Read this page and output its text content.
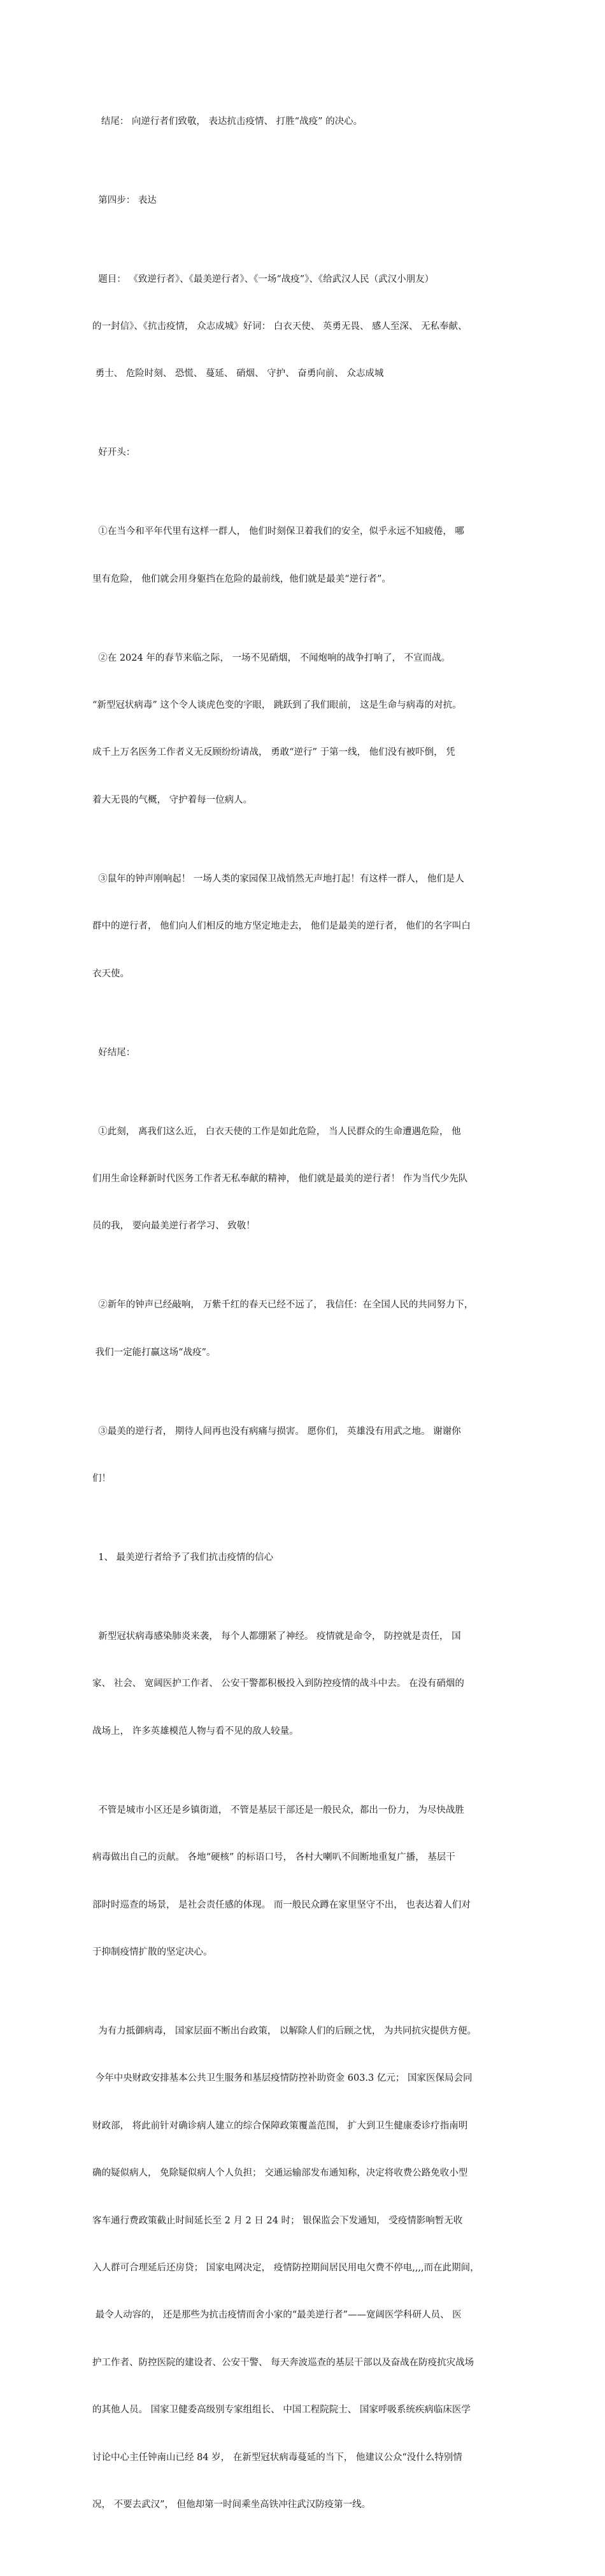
结尾： 向逆行者们致敬， 表达抗击疫情、 打胜“战疫” 的决心。

第四步： 表达

题目： 《致逆行者》、《最美逆行者》、《一场“战疫”》、《给武汉人民（武汉小朋友）

的一封信》、《抗击疫情， 众志成城》好词： 白衣天使、 英勇无畏、 感人至深、 无私奉献、

勇士、 危险时刻、 恐慌、 蔓延、 硝烟、 守护、 奋勇向前、 众志成城

好开头：

①在当今和平年代里有这样一群人， 他们时刻保卫着我们的安全，似乎永远不知疲倦， 哪

里有危险， 他们就会用身躯挡在危险的最前线，他们就是最美“逆行者”。

②在 2024 年的春节来临之际， 一场不见硝烟， 不闻炮响的战争打响了， 不宣而战。

“新型冠状病毒” 这个令人谈虎色变的字眼， 跳跃到了我们眼前， 这是生命与病毒的对抗。

成千上万名医务工作者义无反顾纷纷请战， 勇敢“逆行” 于第一线， 他们没有被吓倒， 凭

着大无畏的气概， 守护着每一位病人。

③鼠年的钟声刚响起！ 一场人类的家园保卫战悄然无声地打起！有这样一群人， 他们是人

群中的逆行者， 他们向人们相反的地方坚定地走去， 他们是最美的逆行者， 他们的名字叫白

衣天使。

好结尾：

①此刻， 离我们这么近， 白衣天使的工作是如此危险， 当人民群众的生命遭遇危险， 他

们用生命诠释新时代医务工作者无私奉献的精神， 他们就是最美的逆行者！ 作为当代少先队

员的我， 要向最美逆行者学习、 致敬！

②新年的钟声已经敲响， 万紫千红的春天已经不远了， 我信任：在全国人民的共同努力下，

我们一定能打赢这场“战疫”。

③最美的逆行者， 期待人间再也没有病痛与损害。 愿你们， 英雄没有用武之地。 谢谢你

们！

1、 最美逆行者给予了我们抗击疫情的信心

新型冠状病毒感染肺炎来袭， 每个人都绷紧了神经。 疫情就是命令， 防控就是责任， 国

家、 社会、 宽阔医护工作者、 公安干警都积极投入到防控疫情的战斗中去。 在没有硝烟的

战场上， 许多英雄模范人物与看不见的敌人较量。

不管是城市小区还是乡镇街道， 不管是基层干部还是一般民众，都出一份力， 为尽快战胜

病毒做出自己的贡献。 各地“硬核” 的标语口号， 各村大喇叭不间断地重复广播， 基层干

部时时巡查的场景， 是社会责任感的体现。 而一般民众蹲在家里坚守不出， 也表达着人们对

于抑制疫情扩散的坚定决心。

为有力抵御病毒， 国家层面不断出台政策， 以解除人们的后顾之忧， 为共同抗灾提供方便。

今年中央财政安排基本公共卫生服务和基层疫情防控补助资金 603.3 亿元； 国家医保局会同

财政部， 将此前针对确诊病人建立的综合保障政策覆盖范围， 扩大到卫生健康委诊疗指南明

确的疑似病人， 免除疑似病人个人负担； 交通运输部发布通知称，决定将收费公路免收小型

客车通行费政策截止时间延长至 2 月 2 日 24 时； 银保监会下发通知， 受疫情影响暂无收

入人群可合理延后还房贷； 国家电网决定， 疫情防控期间居民用电欠费不停电,,,,而在此期间，

最令人动容的， 还是那些为抗击疫情而舍小家的“最美逆行者”——宽阔医学科研人员、 医

护工作者、防控医院的建设者、公安干警、 每天奔波巡查的基层干部以及奋战在防疫抗灾战场

的其他人员。 国家卫健委高级别专家组组长、 中国工程院院士、 国家呼吸系统疾病临床医学

讨论中心主任钟南山已经 84 岁， 在新型冠状病毒蔓延的当下， 他建议公众“没什么特别情

况， 不要去武汉”， 但他却第一时间乘坐高铁冲往武汉防疫第一线。
